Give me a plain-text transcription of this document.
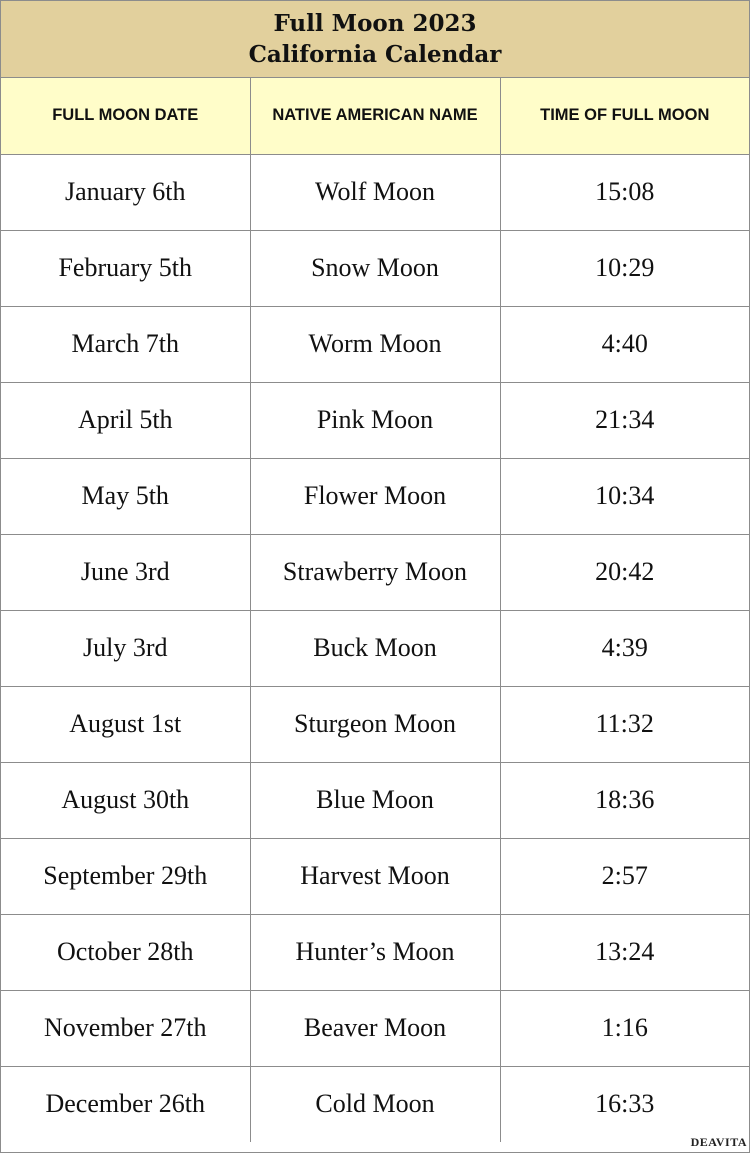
Full Moon 2023
California Calendar
FULL MOON DATE	NATIVE AMERICAN NAME	TIME OF FULL MOON
January 6th	Wolf Moon	15:08
February 5th	Snow Moon	10:29
March 7th	Worm Moon	4:40
April 5th	Pink Moon	21:34
May 5th	Flower Moon	10:34
June 3rd	Strawberry Moon	20:42
July 3rd	Buck Moon	4:39
August 1st	Sturgeon Moon	11:32
August 30th	Blue Moon	18:36
September 29th	Harvest Moon	2:57
October 28th	Hunter’s Moon	13:24
November 27th	Beaver Moon	1:16
December 26th	Cold Moon	16:33
DEAVITA
